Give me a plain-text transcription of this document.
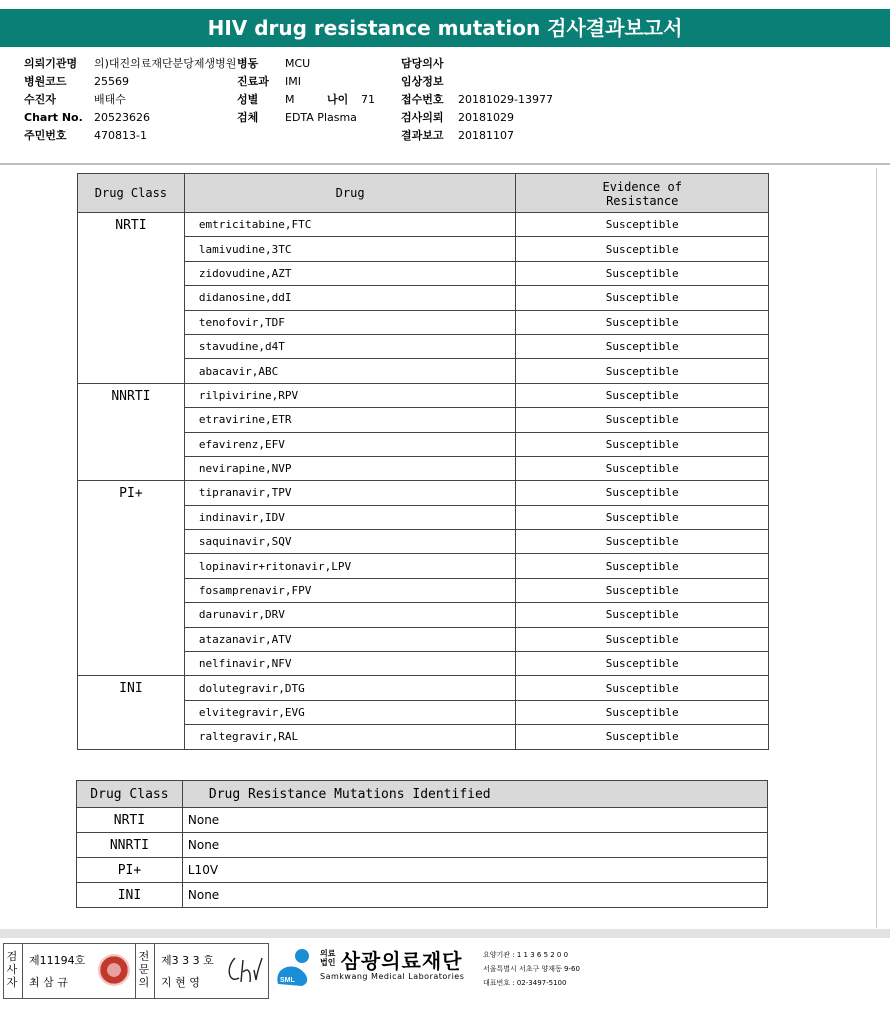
HIV drug resistance mutation 검사결과보고서
의뢰기관명 의)대진의료재단분당제생병원
병원코드 25569
수진자	배태수
Chart No. 20523626
주민번호 470813-1
병동 MCU
진료과 IMI
성별 M	나이 71
검체 EDTA Plasma
담당의사
임상정보
접수번호 20181029-13977
검사의뢰 20181029
결과보고 20181107
Drug Class	Drug	Evidence of
Resistance
NRTI	emtricitabine,FTC	Susceptible
	lamivudine,3TC	Susceptible
	zidovudine,AZT	Susceptible
	didanosine,ddI	Susceptible
	tenofovir,TDF	Susceptible
	stavudine,d4T	Susceptible
	abacavir,ABC	Susceptible
NNRTI	rilpivirine,RPV	Susceptible
	etravirine,ETR	Susceptible
	efavirenz,EFV	Susceptible
	nevirapine,NVP	Susceptible
PI+	tipranavir,TPV	Susceptible
	indinavir,IDV	Susceptible
	saquinavir,SQV	Susceptible
	lopinavir+ritonavir,LPV	Susceptible
	fosamprenavir,FPV	Susceptible
	darunavir,DRV	Susceptible
	atazanavir,ATV	Susceptible
	nelfinavir,NFV	Susceptible
INI	dolutegravir,DTG	Susceptible
	elvitegravir,EVG	Susceptible
	raltegravir,RAL	Susceptible
Drug Class	Drug Resistance Mutations Identified
NRTI	None
NNRTI	None
PI+	L10V
INI	None
검
사
자
제11194호
최 삼 규
전
문
의
제3 3 3 호
지 현 영	SML
의료
법인 삼광의료재단
Samkwang Medical Laboratories
요양기관 : 1 1 3 6 5 2 0 0
서울특별시 서초구 양재동 9-60
대표번호 : 02-3497-5100
